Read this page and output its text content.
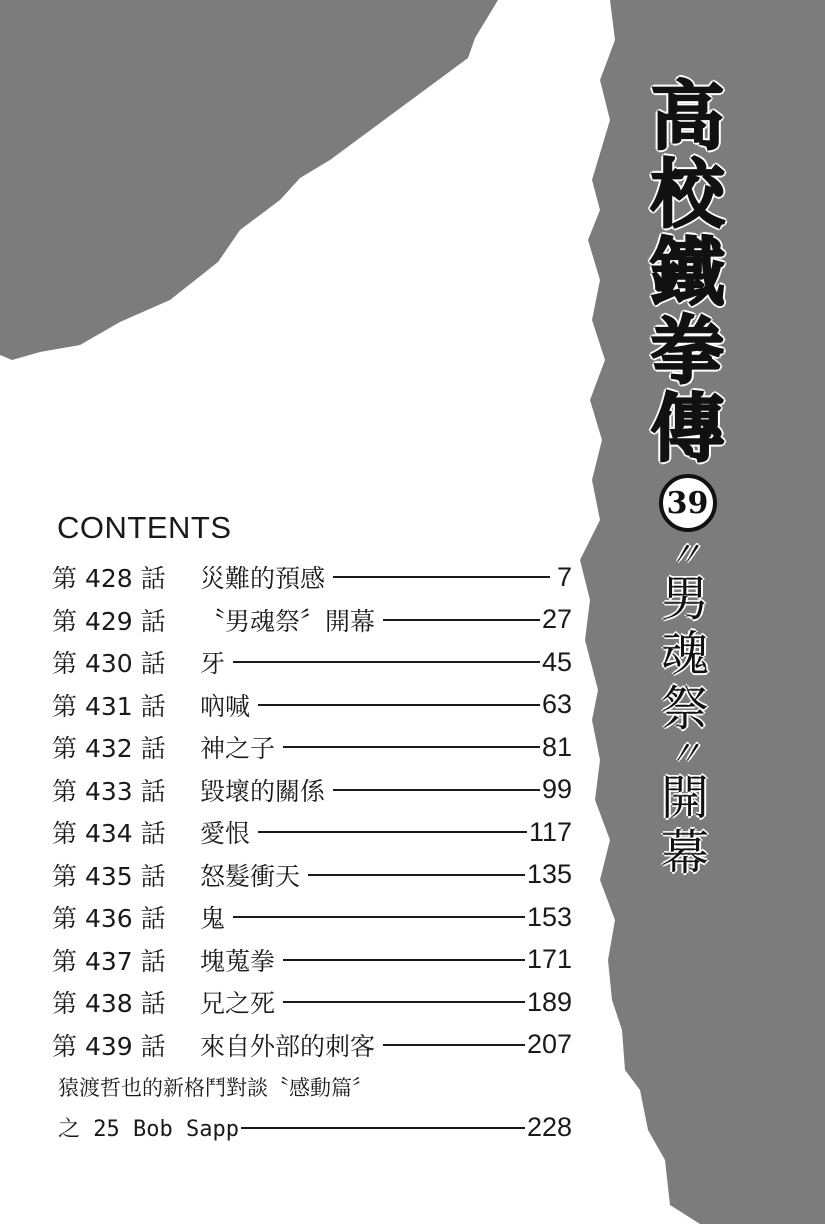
高
校
鐵
拳
傳
39
〃
男
魂
祭
〃
開
幕
CONTENTS
第 428 話	災難的預感	7
第 429 話	〝男魂祭〞開幕	27
第 430 話	牙	45
第 431 話	吶喊	63
第 432 話	神之子	81
第 433 話	毀壞的關係	99
第 434 話	愛恨	117
第 435 話	怒髮衝天	135
第 436 話	鬼	153
第 437 話	塊蒐拳	171
第 438 話	兄之死	189
第 439 話	來自外部的刺客	207
猿渡哲也的新格鬥對談〝感動篇〞
之 25 Bob Sapp	228
